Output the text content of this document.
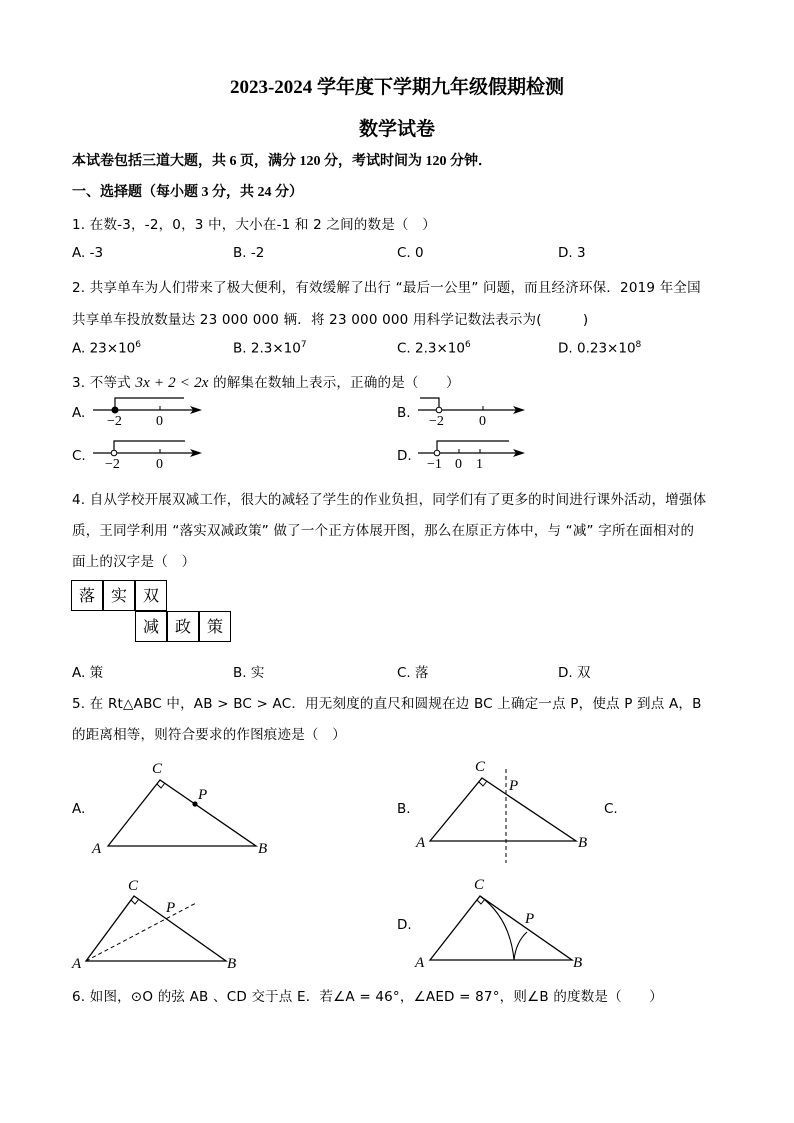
2023-2024 学年度下学期九年级假期检测
数学试卷
本试卷包括三道大题，共 6 页，满分 120 分，考试时间为 120 分钟．
一、选择题（每小题 3 分，共 24 分）
1. 在数-3，-2，0，3 中，大小在-1 和 2 之间的数是（　）
A. -3	B. -2	C. 0	D. 3
2. 共享单车为人们带来了极大便利，有效缓解了出行 “最后一公里” 问题，而且经济环保．2019 年全国
共享单车投放数量达 23 000 000 辆．将 23 000 000 用科学记数法表示为(　　　)
A. $23\times 10^6$	B. $2.3\times 10^7$	C. $2.3\times 10^6$	D. $0.23\times 10^8$
3. 不等式 3x + 2 < 2x 的解集在数轴上表示，正确的是（　　）
A.
−2 0
B.
−2	0
C.
−2	0
D.
−1 0 1
4. 自从学校开展双减工作，很大的减轻了学生的作业负担，同学们有了更多的时间进行课外活动，增强体
质，王同学利用 “落实双减政策” 做了一个正方体展开图，那么在原正方体中，与 “减” 字所在面相对的
面上的汉字是（　）
落 实 双
减 政 策
A. 策	B. 实	C. 落	D. 双
5. 在 Rt△ABC 中，AB > BC > AC．用无刻度的直尺和圆规在边 BC 上确定一点 P，使点 P 到点 A，B
的距离相等，则符合要求的作图痕迹是（　）
A.
A	B
C
P
B.
A	B
C
P
C.
A	B
C
P
D.
A	B
C
P
6. 如图，⊙O 的弦 AB 、CD 交于点 E．若∠A = 46°，∠AED = 87°，则∠B 的度数是（　　）
